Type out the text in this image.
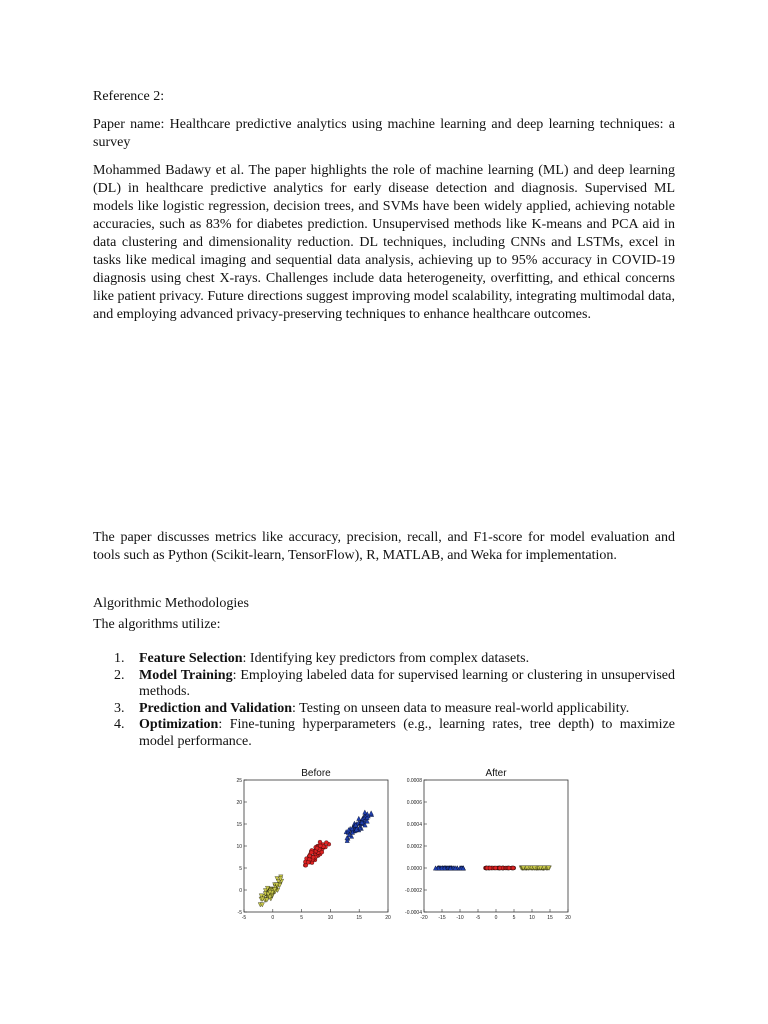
Reference 2:

Paper name: Healthcare predictive analytics using machine learning and deep learning techniques: a survey

Mohammed Badawy et al. The paper highlights the role of machine learning (ML) and deep learning (DL) in healthcare predictive analytics for early disease detection and diagnosis. Supervised ML models like logistic regression, decision trees, and SVMs have been widely applied, achieving notable accuracies, such as 83% for diabetes prediction. Unsupervised methods like K-means and PCA aid in data clustering and dimensionality reduction. DL techniques, including CNNs and LSTMs, excel in tasks like medical imaging and sequential data analysis, achieving up to 95% accuracy in COVID-19 diagnosis using chest X-rays. Challenges include data heterogeneity, overfitting, and ethical concerns like patient privacy. Future directions suggest improving model scalability, integrating multimodal data, and employing advanced privacy-preserving techniques to enhance healthcare outcomes.

The paper discusses metrics like accuracy, precision, recall, and F1-score for model evaluation and tools such as Python (Scikit-learn, TensorFlow), R, MATLAB, and Weka for implementation.

Algorithmic Methodologies

The algorithms utilize:

1. Feature Selection: Identifying key predictors from complex datasets.
2. Model Training: Employing labeled data for supervised learning or clustering in unsupervised methods.
3. Prediction and Validation: Testing on unseen data to measure real-world applicability.
4. Optimization: Fine-tuning hyperparameters (e.g., learning rates, tree depth) to maximize model performance.
Before
-5	0	5	10	15	20
-5
0
5
10
15
20
25
After
-20 -15 -10 -5	0	5	10 15 20
-0.0004
-0.0002
0.0000
0.0002
0.0004
0.0006
0.0008
